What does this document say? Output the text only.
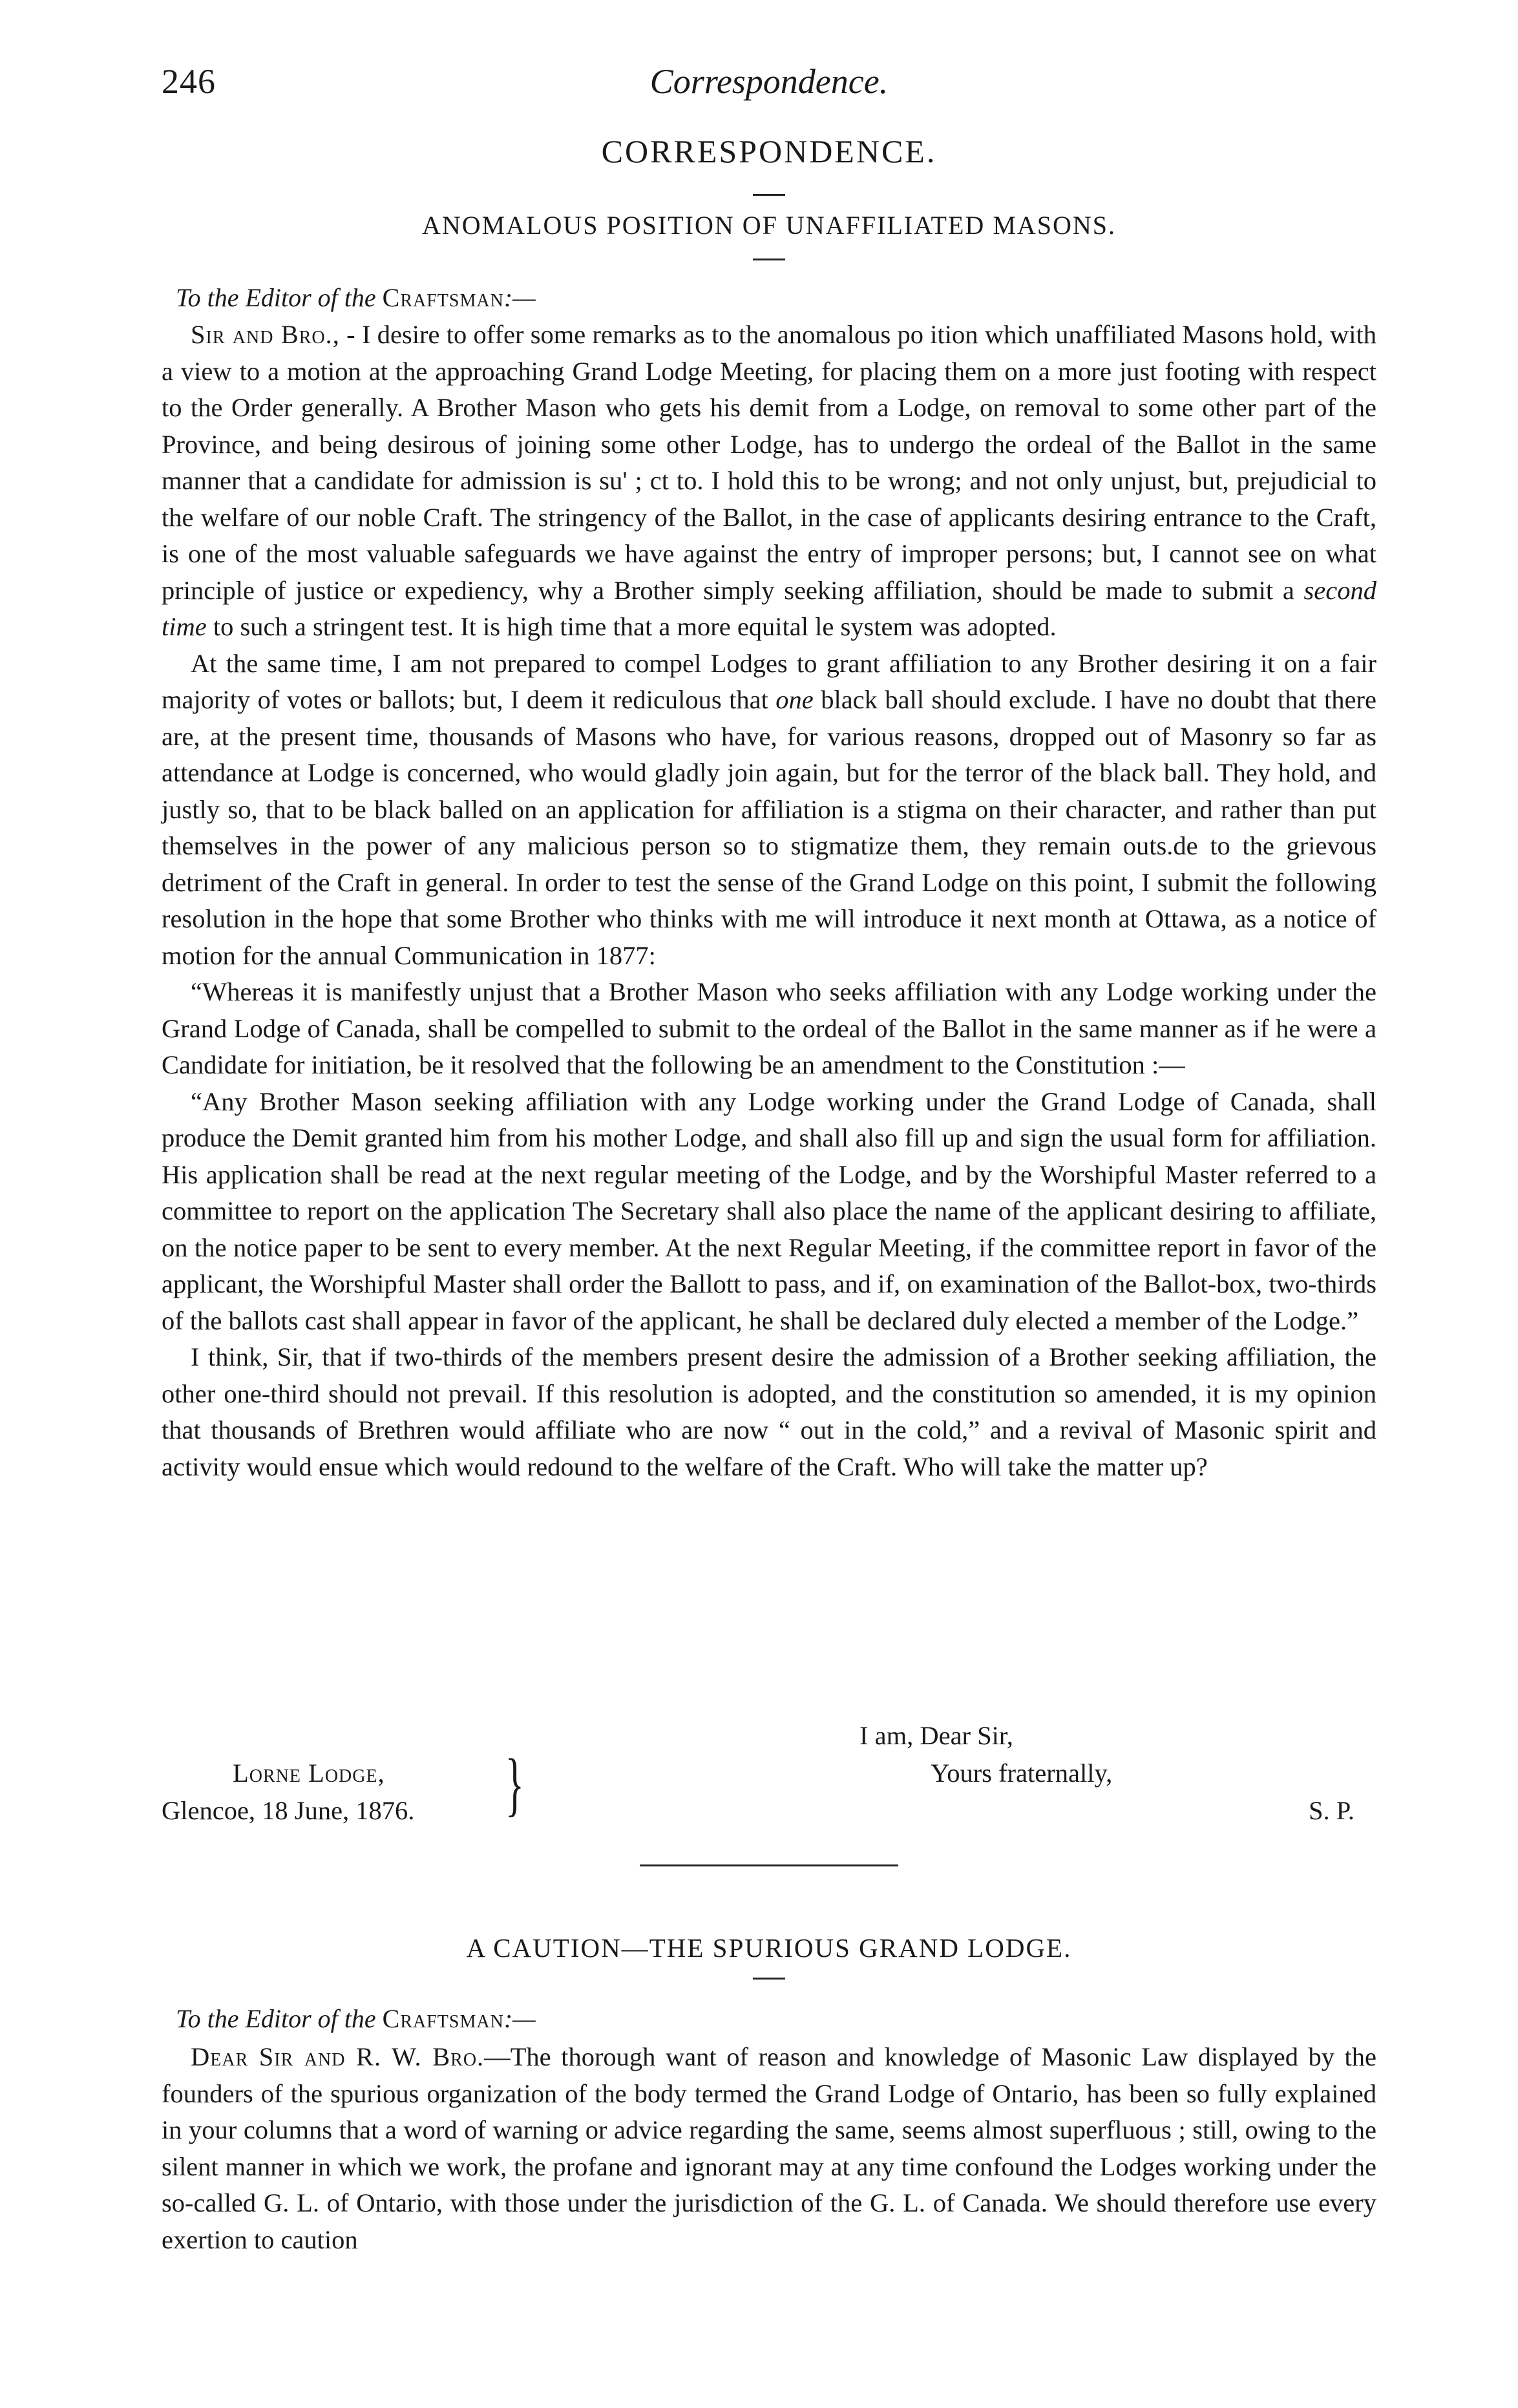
Correspondence.
246
CORRESPONDENCE.
ANOMALOUS POSITION OF UNAFFILIATED MASONS.
To the Editor of the Craftsman:—

Sir and Bro., - I desire to offer some remarks as to the anomalous po ition which unaffiliated Masons hold, with a view to a motion at the approaching Grand Lodge Meeting, for placing them on a more just footing with respect to the Order generally. A Brother Mason who gets his demit from a Lodge, on removal to some other part of the Province, and being desirous of joining some other Lodge, has to undergo the ordeal of the Ballot in the same manner that a candidate for admission is su' ; ct to. I hold this to be wrong; and not only unjust, but, prejudicial to the welfare of our noble Craft. The stringency of the Ballot, in the case of applicants desiring entrance to the Craft, is one of the most valuable safeguards we have against the entry of improper persons; but, I cannot see on what principle of justice or expediency, why a Brother simply seeking affiliation, should be made to submit a second time to such a stringent test. It is high time that a more equital le system was adopted.

At the same time, I am not prepared to compel Lodges to grant affiliation to any Brother desiring it on a fair majority of votes or ballots; but, I deem it rediculous that one black ball should exclude. I have no doubt that there are, at the present time, thousands of Masons who have, for various reasons, dropped out of Masonry so far as attendance at Lodge is concerned, who would gladly join again, but for the terror of the black ball. They hold, and justly so, that to be black balled on an application for affiliation is a stigma on their character, and rather than put themselves in the power of any malicious person so to stigmatize them, they remain outs.de to the grievous detriment of the Craft in general. In order to test the sense of the Grand Lodge on this point, I submit the following resolution in the hope that some Brother who thinks with me will introduce it next month at Ottawa, as a notice of motion for the annual Communication in 1877:

“Whereas it is manifestly unjust that a Brother Mason who seeks affiliation with any Lodge working under the Grand Lodge of Canada, shall be compelled to submit to the ordeal of the Ballot in the same manner as if he were a Candidate for initiation, be it resolved that the following be an amendment to the Constitution :—

“Any Brother Mason seeking affiliation with any Lodge working under the Grand Lodge of Canada, shall produce the Demit granted him from his mother Lodge, and shall also fill up and sign the usual form for affiliation. His application shall be read at the next regular meeting of the Lodge, and by the Worshipful Master referred to a committee to report on the application The Secretary shall also place the name of the applicant desiring to affiliate, on the notice paper to be sent to every member. At the next Regular Meeting, if the committee report in favor of the applicant, the Worshipful Master shall order the Ballott to pass, and if, on examination of the Ballot-box, two-thirds of the ballots cast shall appear in favor of the applicant, he shall be declared duly elected a member of the Lodge.”

I think, Sir, that if two-thirds of the members present desire the admission of a Brother seeking affiliation, the other one-third should not prevail. If this resolution is adopted, and the constitution so amended, it is my opinion that thousands of Brethren would affiliate who are now “ out in the cold,” and a revival of Masonic spirit and activity would ensue which would redound to the welfare of the Craft. Who will take the matter up?

I am, Dear Sir,
Yours fraternally,
Lorne Lodge,
Glencoe, 18 June, 1876. }	S. P.
A CAUTION—THE SPURIOUS GRAND LODGE.
To the Editor of the Craftsman:—

Dear Sir and R. W. Bro.—The thorough want of reason and knowledge of Masonic Law displayed by the founders of the spurious organization of the body termed the Grand Lodge of Ontario, has been so fully explained in your columns that a word of warning or advice regarding the same, seems almost superfluous ; still, owing to the silent manner in which we work, the profane and ignorant may at any time confound the Lodges working under the so-called G. L. of Ontario, with those under the jurisdiction of the G. L. of Canada. We should therefore use every exertion to caution
